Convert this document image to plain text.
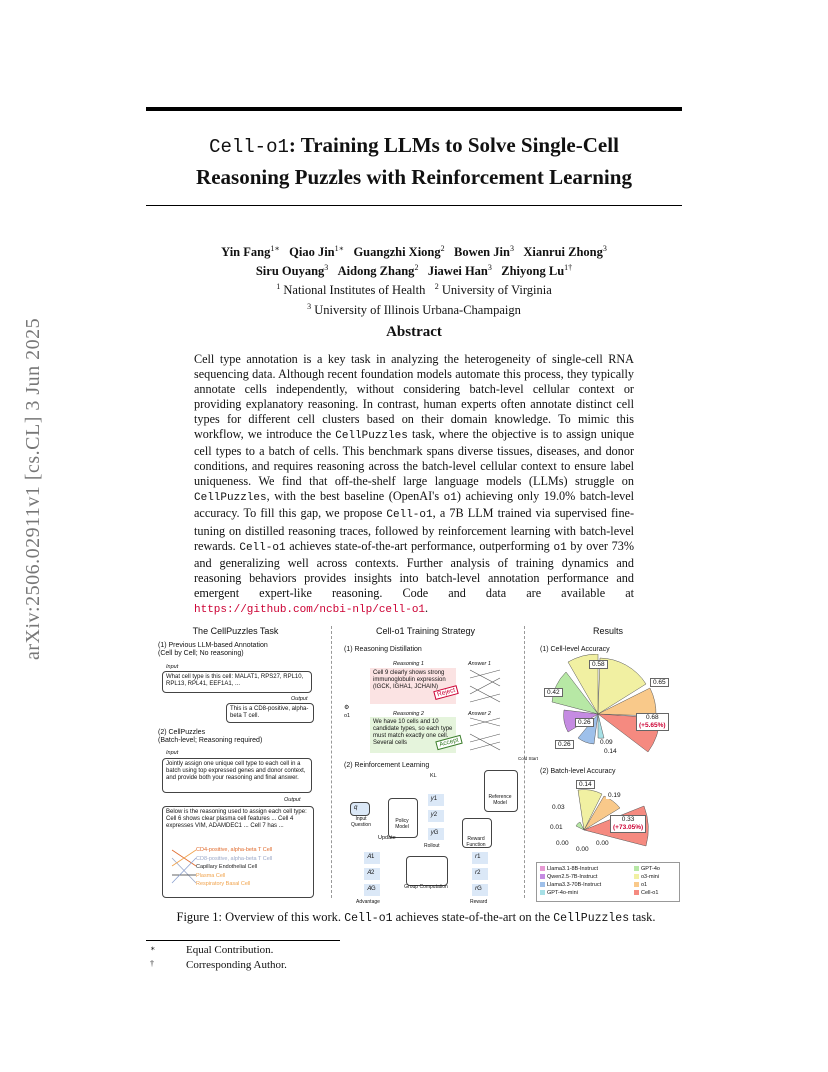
arXiv:2506.02911v1 [cs.CL] 3 Jun 2025
Cell-o1: Training LLMs to Solve Single-Cell
Reasoning Puzzles with Reinforcement Learning
Yin Fang$^{1∗}$ Qiao Jin$^{1∗}$ Guangzhi Xiong$^2$ Bowen Jin$^3$ Xianrui Zhong$^3$
Siru Ouyang$^3$ Aidong Zhang$^2$ Jiawei Han$^3$ Zhiyong $Lu^{1\dagger}$
$^1$ National Institutes of Health $^2$ University of Virginia
$^3$ University of Illinois Urbana-Champaign
Abstract
Cell type annotation is a key task in analyzing the heterogeneity of single-cell RNA sequencing data. Although recent foundation models automate this process, they typically annotate cells independently, without considering batch-level cellular context or providing explanatory reasoning. In contrast, human experts often annotate distinct cell types for different cell clusters based on their domain knowledge. To mimic this workflow, we introduce the CellPuzzles task, where the objective is to assign unique cell types to a batch of cells. This benchmark spans diverse tissues, diseases, and donor conditions, and requires reasoning across the batch-level cellular context to ensure label uniqueness. We find that off-the-shelf large language models (LLMs) struggle on CellPuzzles, with the best baseline (OpenAI's o1) achieving only 19.0% batch-level accuracy. To fill this gap, we propose Cell-o1, a 7B LLM trained via supervised fine-tuning on distilled reasoning traces, followed by reinforcement learning with batch-level rewards. Cell-o1 achieves state-of-the-art performance, outperforming o1 by over 73% and generalizing well across contexts. Further analysis of training dynamics and reasoning behaviors provides insights into batch-level annotation performance and emergent expert-like reasoning. Code and data are available at https://github.com/ncbi-nlp/cell-o1.
The CellPuzzles Task	Cell-o1 Training Strategy	Results
(1) Previous LLM-based Annotation
(Cell by Cell; No reasoning)
Input
What cell type is this cell: MALAT1, RPS27, RPL10, RPL13, RPL41, EEF1A1, ...
Output
This is a CD8-positive, alpha-beta T cell.
(2) CellPuzzles
(Batch-level; Reasoning required)
Input
Jointly assign one unique cell type to each cell in a batch using top expressed genes and donor context, and provide both your reasoning and final answer.
Output
Below is the reasoning used to assign each cell type: Cell 6 shows clear plasma cell features ... Cell 4 expresses VIM, ADAMDEC1 ... Cell 7 has ...
CD4-positive, alpha-beta T Cell
CD8-positive, alpha-beta T Cell
Capillary Endothelial Cell
Plasma Cell
Respiratory Basal Cell
(1) Reasoning Distillation
Reasoning 1	Answer 1
Cell 9 clearly shows strong immunoglobulin expression (IGCK, IGHA1, JCHAIN)
Reject
⚙
o1	Reasoning 2	Answer 2
We have 10 cells and 10 candidate types, so each type must match exactly one cell. Several cells	Accept
(2) Reinforcement Learning
Cold Start
KL
Reference Model
𝑞
Input Question
Policy Model
Update
𝑦1
𝑦2
𝑦G
Rollout
Reward Function
𝑟1
𝑟2
𝑟G
Reward
𝐴1
𝐴2
𝐴G
Advantage
Group Computation
(1) Cell-level Accuracy
0.58
0.65
0.68
(+5.65%)
0.42
0.26
0.26
0.14
0.09
(2) Batch-level Accuracy
0.14
0.19
0.33
(+73.05%)
0.03
0.01
0.00
0.00
0.00
Llama3.1-8B-Instruct	GPT-4o
Qwen2.5-7B-Instruct	o3-mini
Llama3.3-70B-Instruct	o1
GPT-4o-mini	Cell-o1
Figure 1: Overview of this work. Cell-o1 achieves state-of-the-art on the CellPuzzles task.
∗	Equal Contribution.
†	Corresponding Author.
